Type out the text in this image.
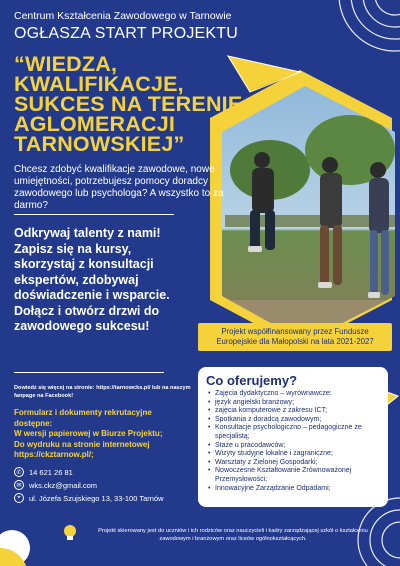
Centrum Kształcenia Zawodowego w Tarnowie
OGŁASZA START PROJEKTU
“WIEDZA,
KWALIFIKACJE,
SUKCES NA TERENIE
AGLOMERACJI
TARNOWSKIEJ”
Chcesz zdobyć kwalifikacje zawodowe, nowe umiejętności, potrzebujesz pomocy doradcy zawodowego lub psychologa? A wszystko to za darmo?
Odkrywaj talenty z nami! Zapisz się na kursy, skorzystaj z konsultacji ekspertów, zdobywaj doświadczenie i wsparcie. Dołącz i otwórz drzwi do zawodowego sukcesu!	Projekt współfinansowany przez Fundusze Europejskie dla Małopolski na lata 2021-2027
Dowiedz się więcej na stronie: https://tarnowcks.pl/ lub na naszym fanpage na Facebook!
Formularz i dokumenty rekrutacyjne
dostępne:
W wersji papierowej w Biurze Projektu;
Do wydruku na stronie internetowej
https://ckztarnow.pl/;
✆ 14 621 26 81
✉ wks.ckz@gmail.com
⌖	ul. Józefa Szujskiego 13, 33-100 Tarnów
Co oferujemy?
• Zajęcia dydaktyczno – wyrównawcze:
• język angielski branżowy;
• zajęcia komputerowe z zakresu ICT;
• Spotkania z doradcą zawodowym;
• Konsultacje psychologiczno – pedagogiczne ze specjalistą;
• Staże u pracodawców;
• Wizyty studyjne lokalne i zagraniczne;
• Warsztaty z Zielonej Gospodarki;
• Nowoczesne Kształtowanie Zrównoważonej Przemysłowości;
• Innowacyjne Zarządzanie Odpadami;
Projekt skierowany jest do uczniów i ich rodziców oraz nauczycieli i kadry zarządzającej szkół o kształceniu zawodowym i branżowym oraz liceów ogólnokształcących.
